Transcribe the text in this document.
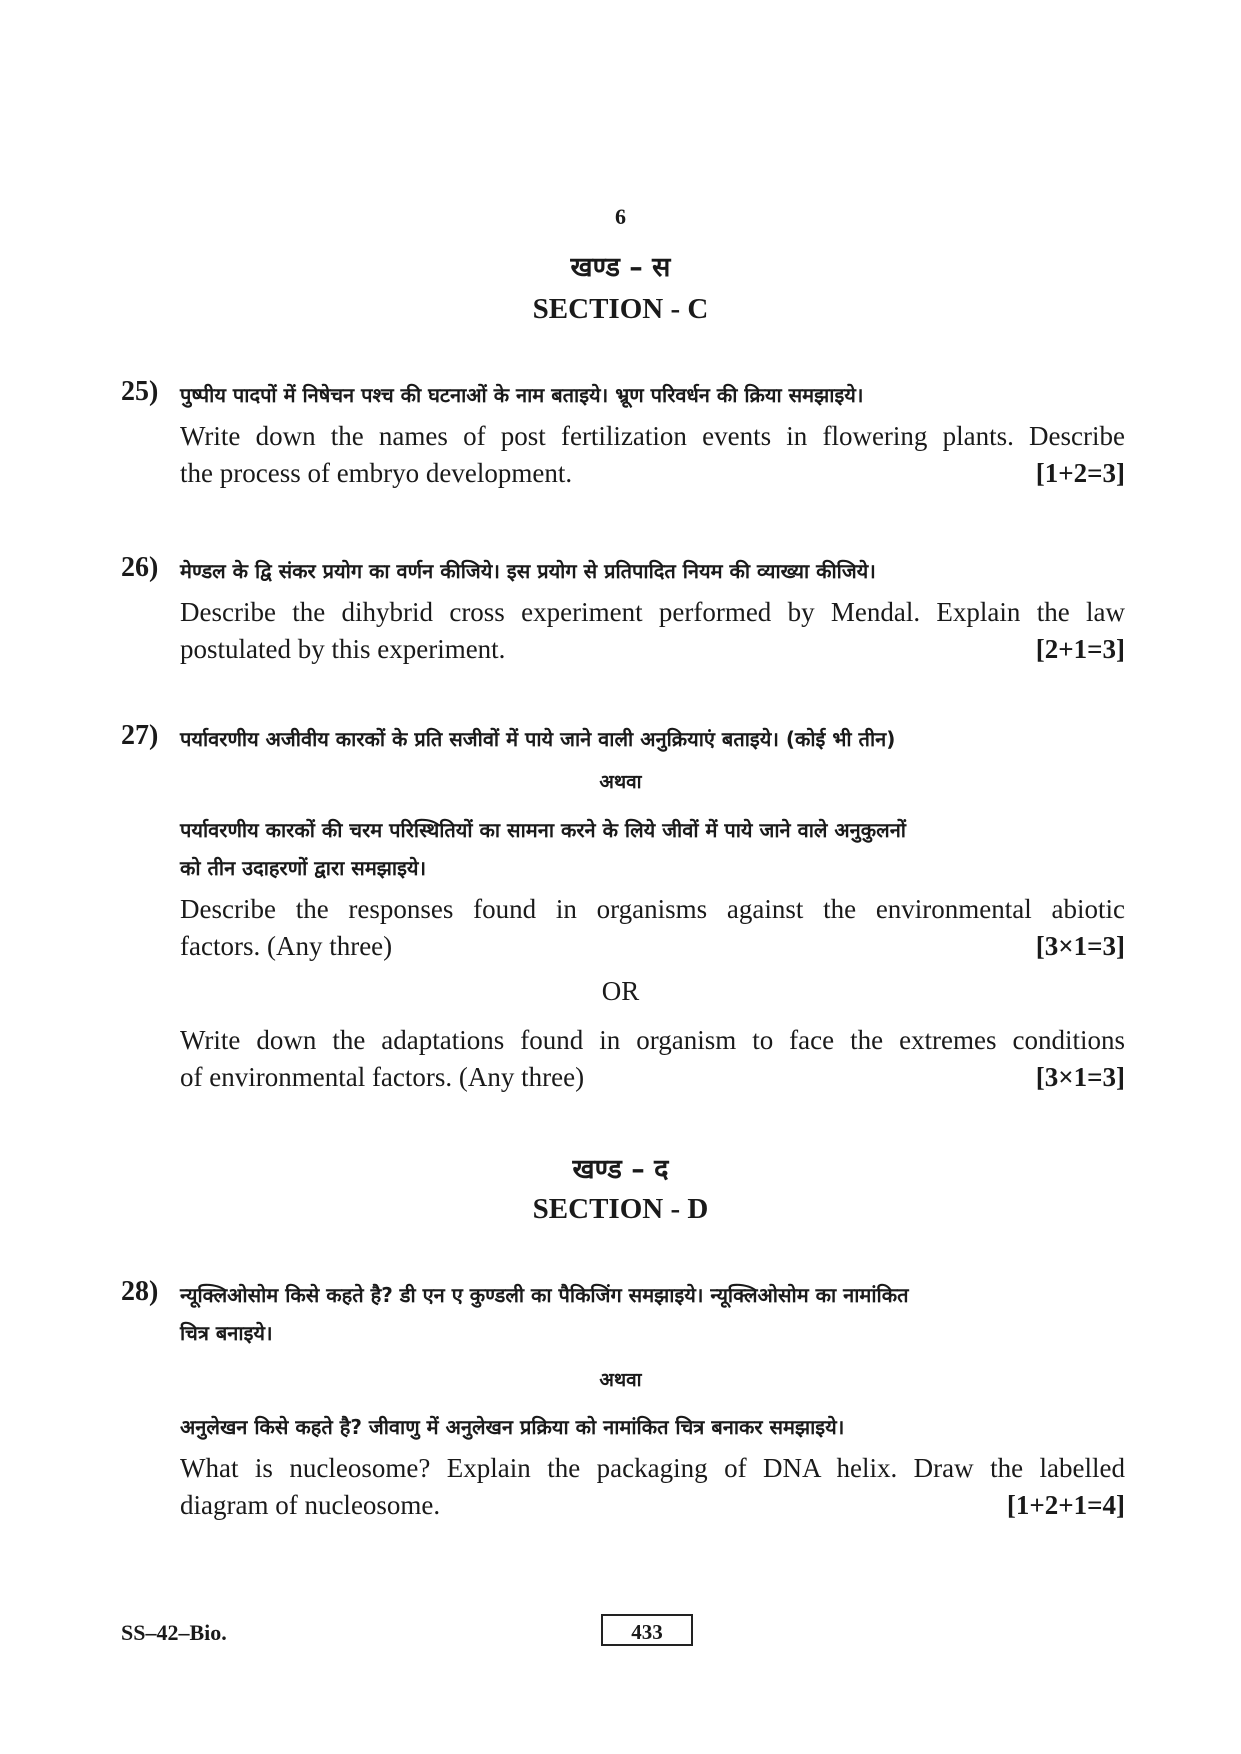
6
खण्ड – स
SECTION - C
25) पुष्पीय पादपों में निषेचन पश्च की घटनाओं के नाम बताइये। भ्रूण परिवर्धन की क्रिया समझाइये।
Write down the names of post fertilization events in flowering plants. Describe
the process of embryo development.	[1+2=3]
26) मेण्डल के द्वि संकर प्रयोग का वर्णन कीजिये। इस प्रयोग से प्रतिपादित नियम की व्याख्या कीजिये।
Describe the dihybrid cross experiment performed by Mendal. Explain the law
postulated by this experiment.	[2+1=3]
27) पर्यावरणीय अजीवीय कारकों के प्रति सजीवों में पाये जाने वाली अनुक्रियाएं बताइये। (कोई भी तीन)
अथवा
पर्यावरणीय कारकों की चरम परिस्थितियों का सामना करने के लिये जीवों में पाये जाने वाले अनुकुलनों
को तीन उदाहरणों द्वारा समझाइये।
Describe the responses found in organisms against the environmental abiotic
factors. (Any three)	[3×1=3]
OR
Write down the adaptations found in organism to face the extremes conditions
of environmental factors. (Any three)	[3×1=3]
खण्ड – द
SECTION - D
28) न्यूक्लिओसोम किसे कहते है? डी एन ए कुण्डली का पैकिजिंग समझाइये। न्यूक्लिओसोम का नामांकित
चित्र बनाइये।
अथवा
अनुलेखन किसे कहते है? जीवाणु में अनुलेखन प्रक्रिया को नामांकित चित्र बनाकर समझाइये।
What is nucleosome? Explain the packaging of DNA helix. Draw the labelled
diagram of nucleosome.	[1+2+1=4]
SS–42–Bio.	433
